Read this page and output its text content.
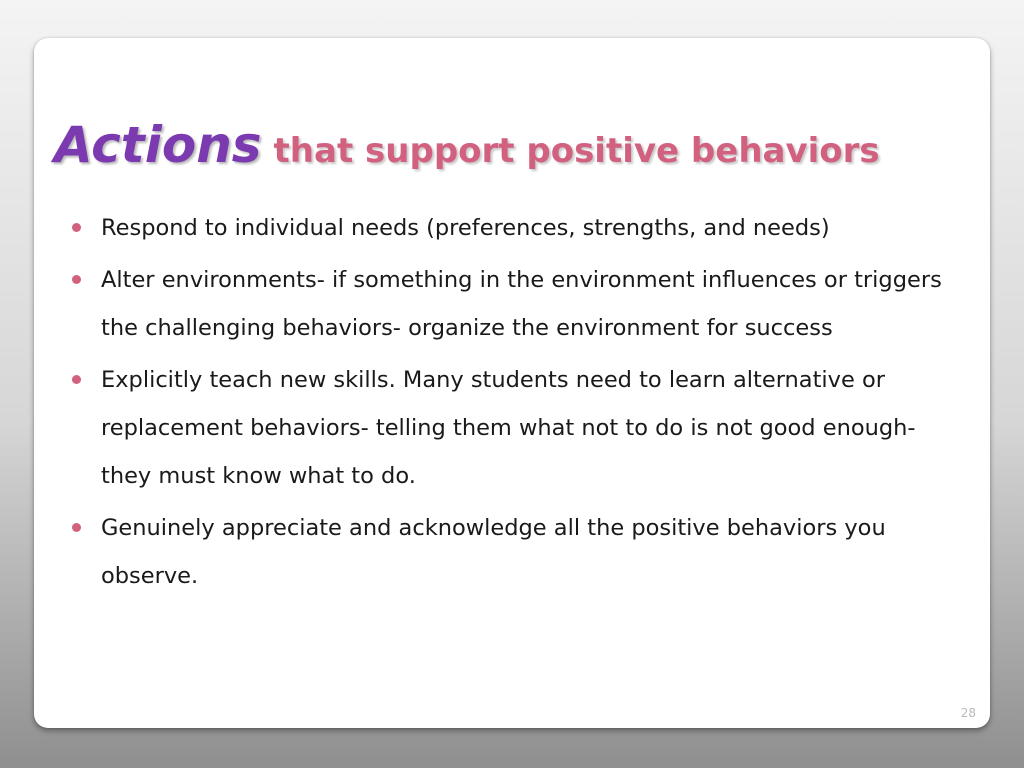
Actions that support positive behaviors
Respond to individual needs (preferences, strengths, and needs)
Alter environments- if something in the environment influences or triggers the challenging behaviors- organize the environment for success
Explicitly teach new skills. Many students need to learn alternative or replacement behaviors- telling them what not to do is not good enough- they must know what to do.
Genuinely appreciate and acknowledge all the positive behaviors you observe.
28
